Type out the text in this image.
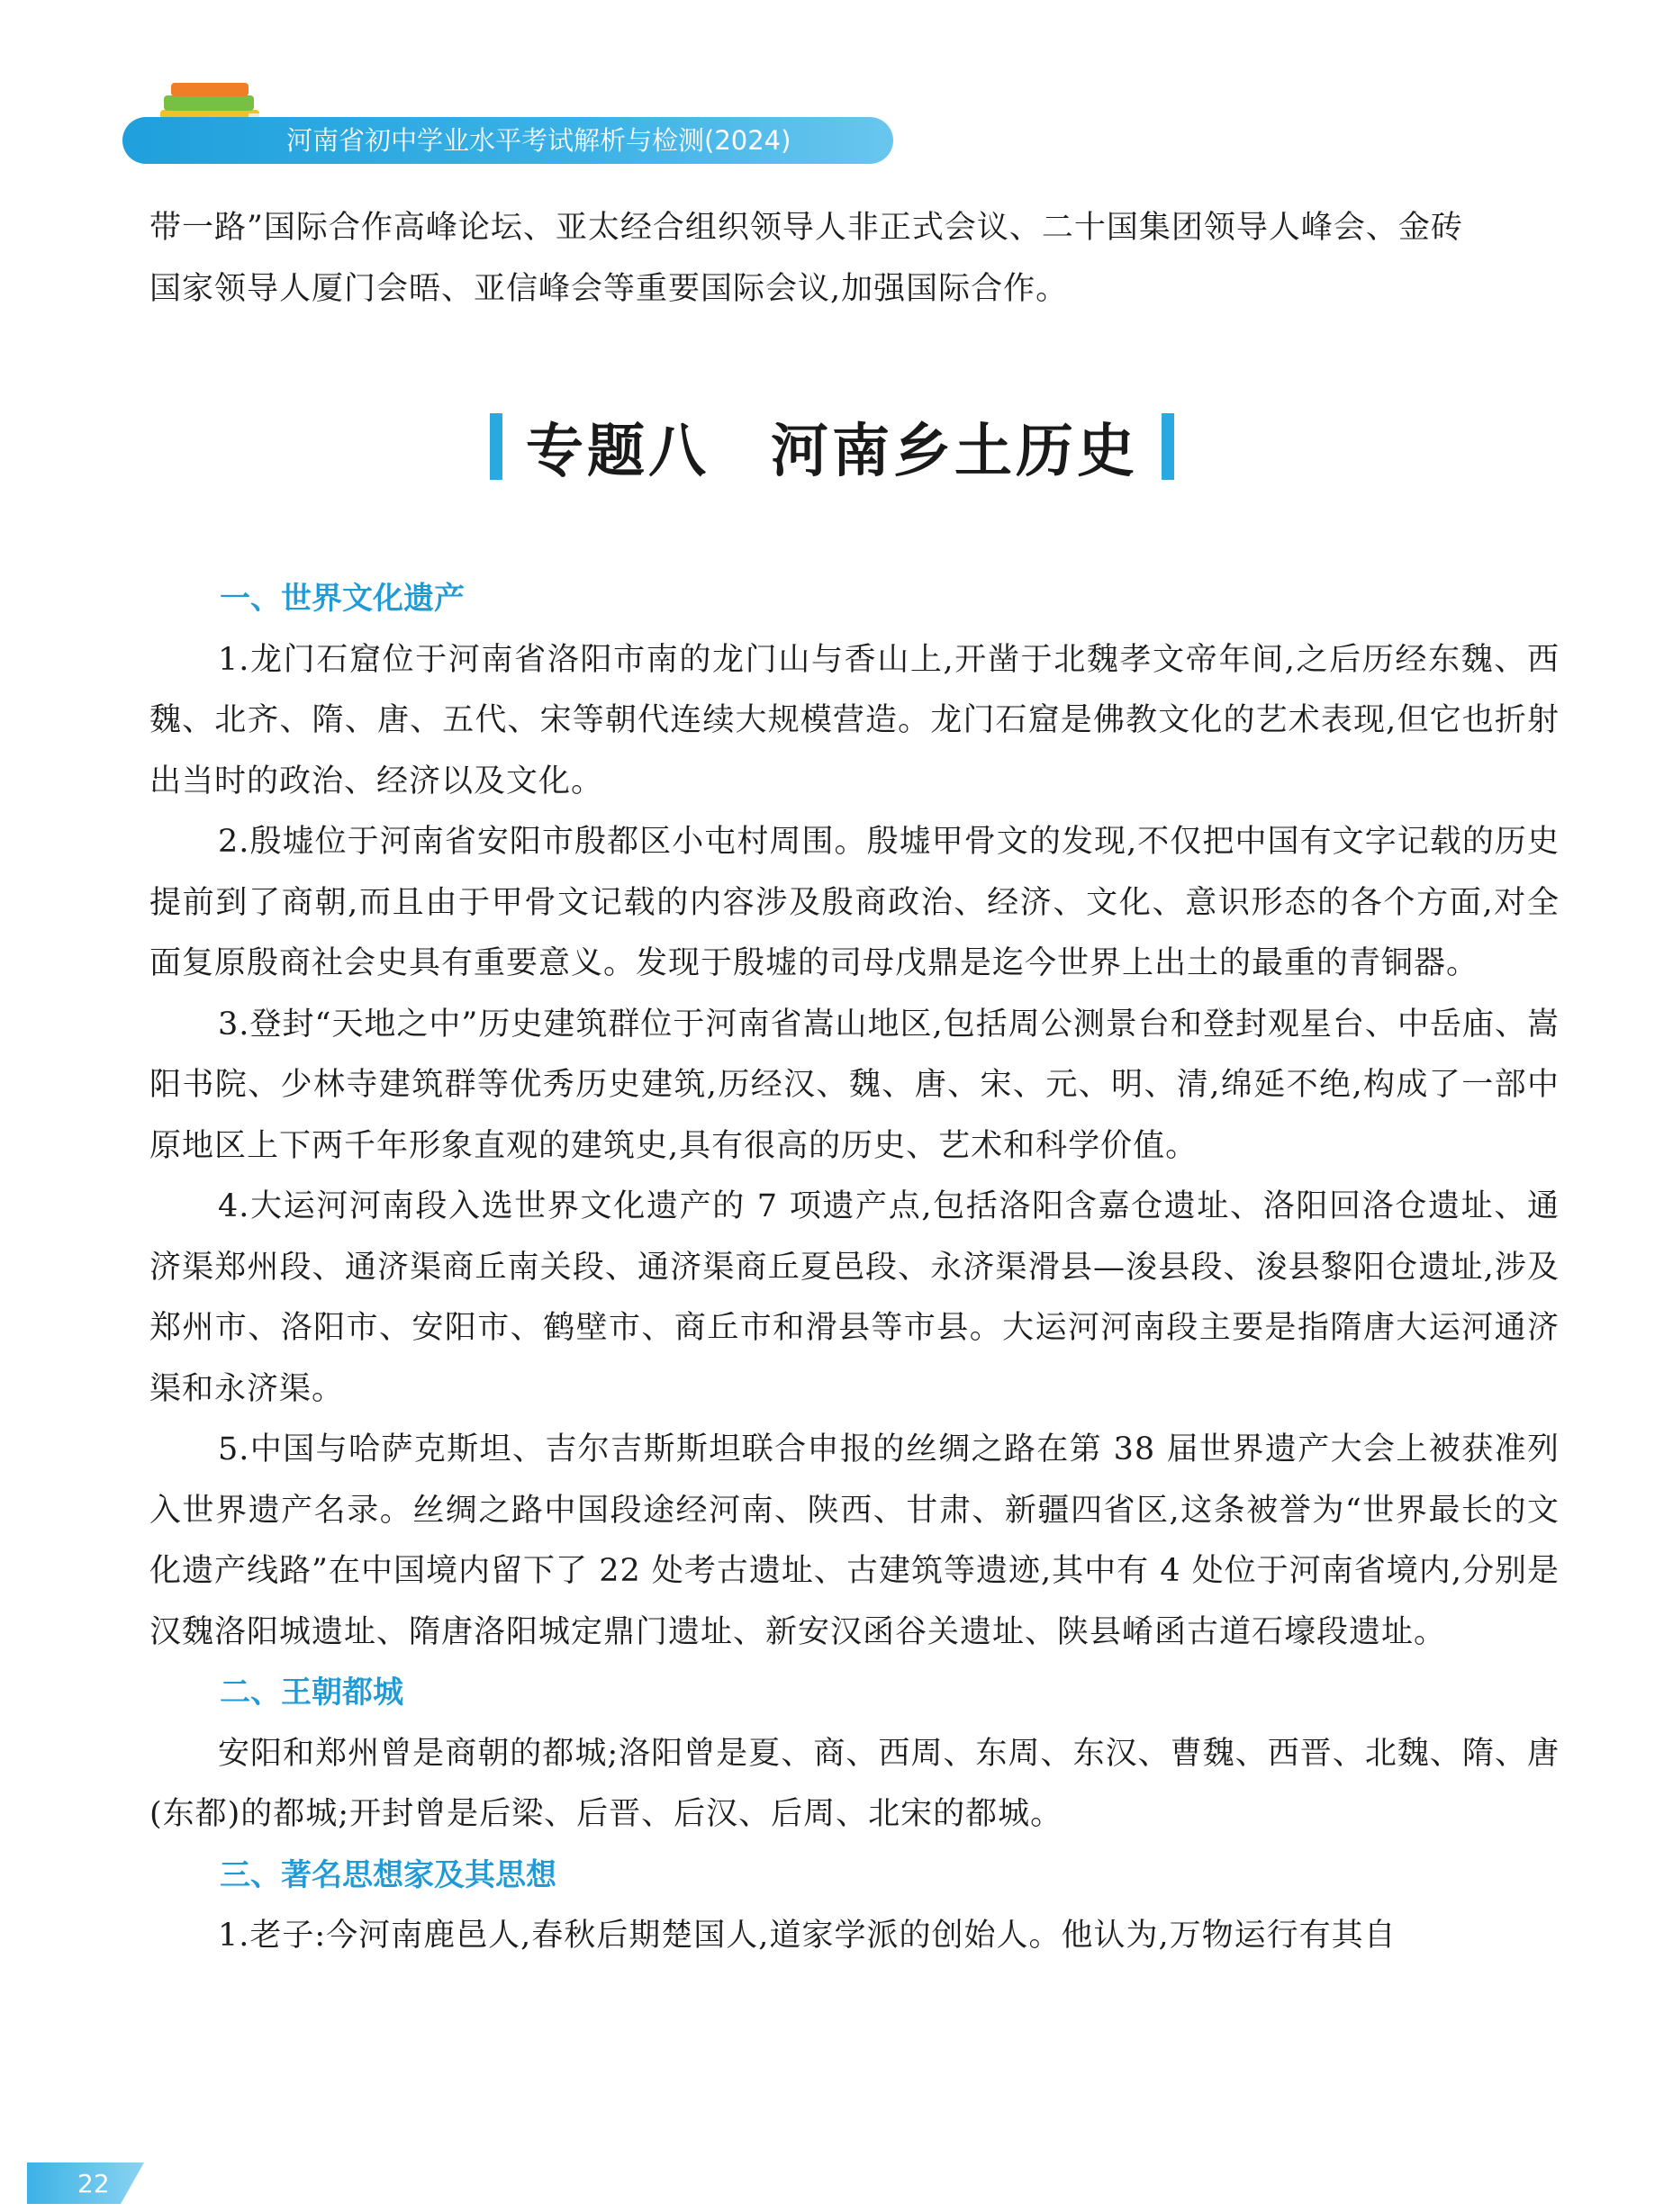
河南省初中学业水平考试解析与检测(2024)

带一路”国际合作高峰论坛、亚太经合组织领导人非正式会议、二十国集团领导人峰会、金砖

国家领导人厦门会晤、亚信峰会等重要国际会议,加强国际合作。

专题八　河南乡土历史

一、世界文化遗产

1.龙门石窟位于河南省洛阳市南的龙门山与香山上,开凿于北魏孝文帝年间,之后历经东魏、西魏、北齐、隋、唐、五代、宋等朝代连续大规模营造。龙门石窟是佛教文化的艺术表现,但它也折射出当时的政治、经济以及文化。

2.殷墟位于河南省安阳市殷都区小屯村周围。殷墟甲骨文的发现,不仅把中国有文字记载的历史提前到了商朝,而且由于甲骨文记载的内容涉及殷商政治、经济、文化、意识形态的各个方面,对全面复原殷商社会史具有重要意义。发现于殷墟的司母戊鼎是迄今世界上出土的最重的青铜器。

3.登封“天地之中”历史建筑群位于河南省嵩山地区,包括周公测景台和登封观星台、中岳庙、嵩阳书院、少林寺建筑群等优秀历史建筑,历经汉、魏、唐、宋、元、明、清,绵延不绝,构成了一部中原地区上下两千年形象直观的建筑史,具有很高的历史、艺术和科学价值。

4.大运河河南段入选世界文化遗产的 7 项遗产点,包括洛阳含嘉仓遗址、洛阳回洛仓遗址、通济渠郑州段、通济渠商丘南关段、通济渠商丘夏邑段、永济渠滑县—浚县段、浚县黎阳仓遗址,涉及郑州市、洛阳市、安阳市、鹤壁市、商丘市和滑县等市县。大运河河南段主要是指隋唐大运河通济渠和永济渠。

5.中国与哈萨克斯坦、吉尔吉斯斯坦联合申报的丝绸之路在第 38 届世界遗产大会上被获准列入世界遗产名录。丝绸之路中国段途经河南、陕西、甘肃、新疆四省区,这条被誉为“世界最长的文化遗产线路”在中国境内留下了 22 处考古遗址、古建筑等遗迹,其中有 4 处位于河南省境内,分别是汉魏洛阳城遗址、隋唐洛阳城定鼎门遗址、新安汉函谷关遗址、陕县崤函古道石壕段遗址。

二、王朝都城

安阳和郑州曾是商朝的都城;洛阳曾是夏、商、西周、东周、东汉、曹魏、西晋、北魏、隋、唐(东都)的都城;开封曾是后梁、后晋、后汉、后周、北宋的都城。

三、著名思想家及其思想

1.老子:今河南鹿邑人,春秋后期楚国人,道家学派的创始人。他认为,万物运行有其自

22
